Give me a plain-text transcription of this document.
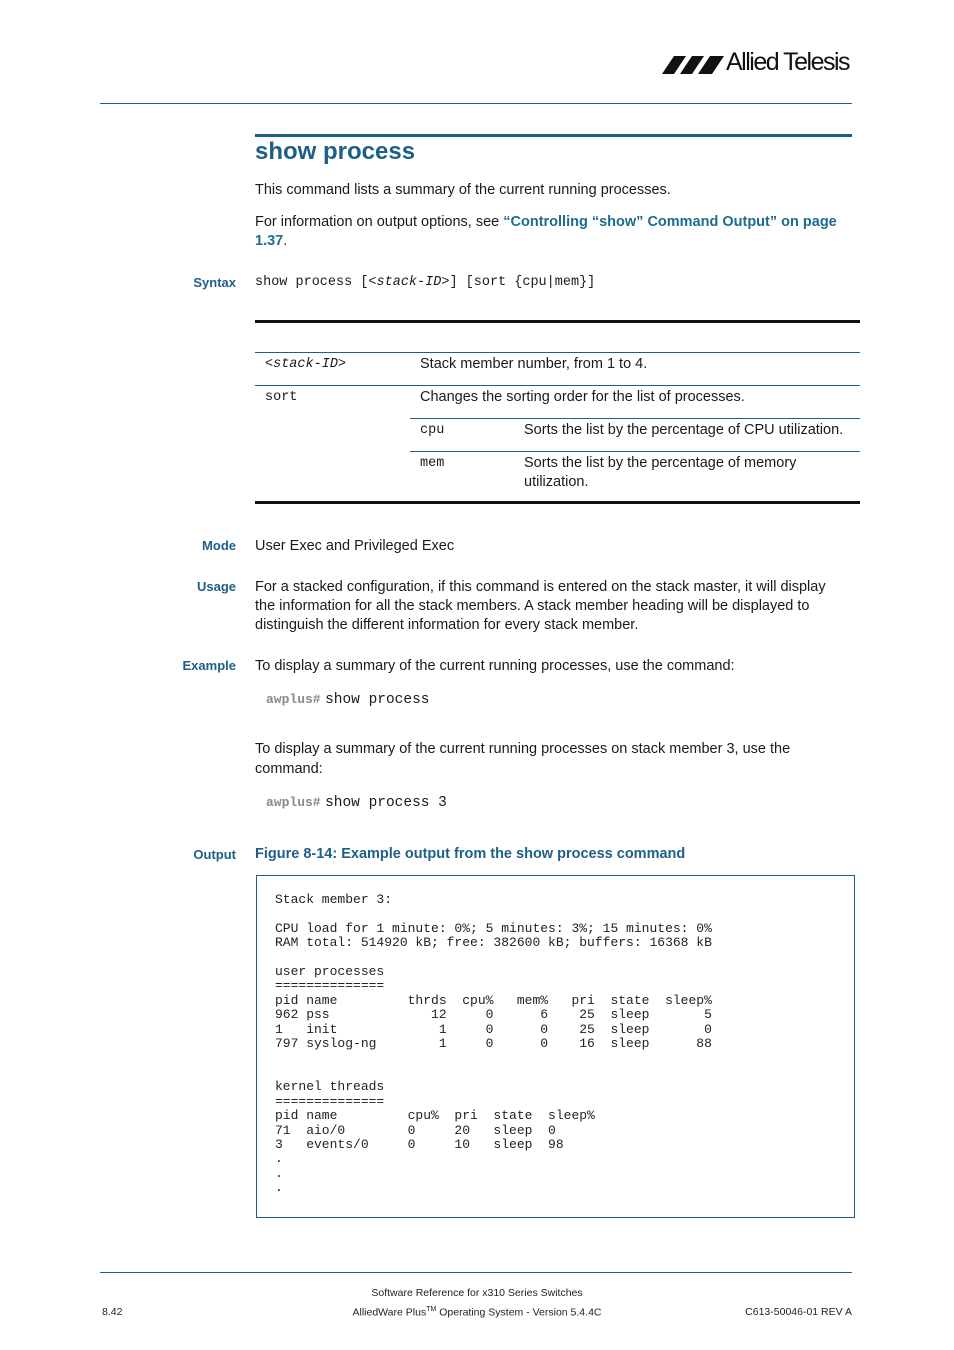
Allied Telesis
show process
This command lists a summary of the current running processes.
For information on output options, see “Controlling “show” Command Output” on page 1.37.
Syntax show process [<stack-ID>] [sort {cpu|mem}]
<stack-ID>	Stack member number, from 1 to 4.
sort	Changes the sorting order for the list of processes.
cpu	Sorts the list by the percentage of CPU utilization.
mem	Sorts the list by the percentage of memory
utilization.
Mode User Exec and Privileged Exec
Usage For a stacked configuration, if this command is entered on the stack master, it will display
the information for all the stack members. A stack member heading will be displayed to
distinguish the different information for every stack member.
Example To display a summary of the current running processes, use the command:
awplus# show process
To display a summary of the current running processes on stack member 3, use the
command:
awplus# show process 3
Output Figure 8-14: Example output from the show process command
Stack member 3:

CPU load for 1 minute: 0%; 5 minutes: 3%; 15 minutes: 0%
RAM total: 514920 kB; free: 382600 kB; buffers: 16368 kB

user processes
==============
pid name         thrds  cpu%   mem%   pri  state  sleep%
962 pss             12     0      6    25  sleep       5
1   init             1     0      0    25  sleep       0
797 syslog-ng        1     0      0    16  sleep      88

kernel threads
==============
pid name         cpu%  pri  state  sleep%
71  aio/0        0     20   sleep  0
3   events/0     0     10   sleep  98
.
.
.
Software Reference for x310 Series Switches
8.42	AlliedWare Plus™ Operating System - Version 5.4.4C	C613-50046-01 REV A
